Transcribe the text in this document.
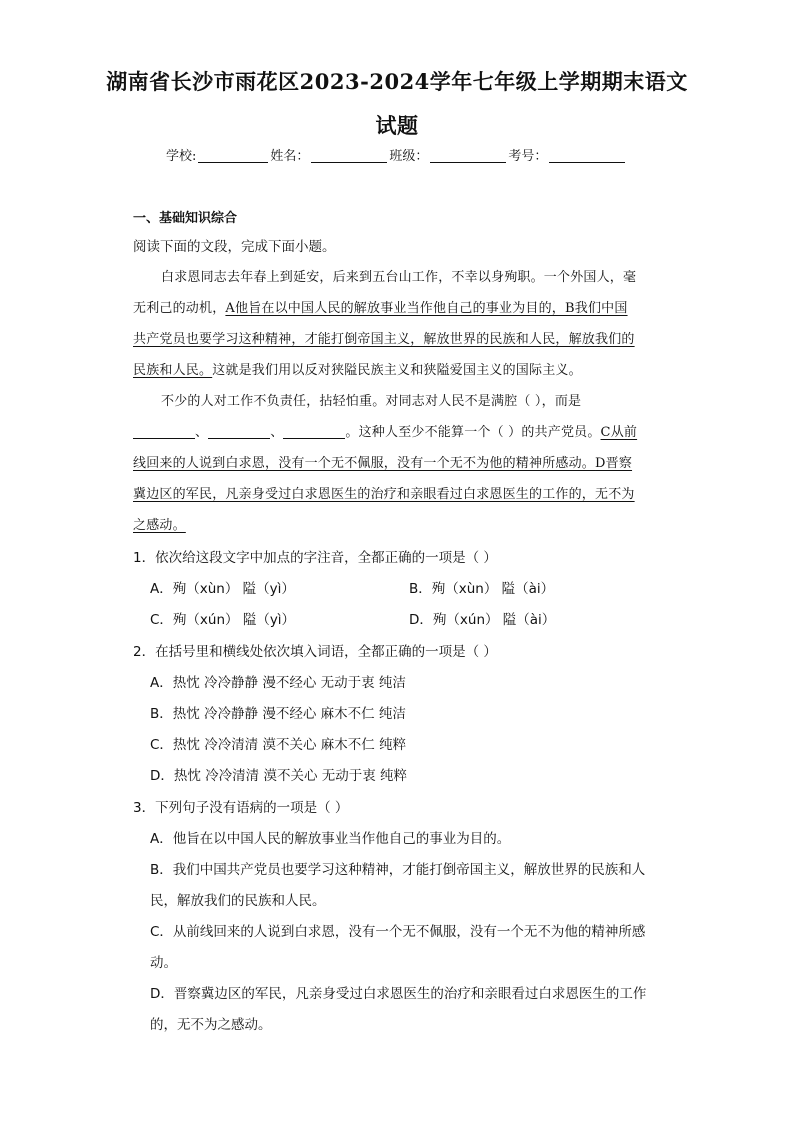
湖南省长沙市雨花区2023-2024学年七年级上学期期末语文
试题
学校:	姓名：	班级：	考号：
一、基础知识综合
阅读下面的文段，完成下面小题。
白求恩同志去年春上到延安，后来到五台山工作，不幸以身殉职。一个外国人，毫
无利己的动机，A他旨在以中国人民的解放事业当作他自己的事业为目的，B我们中国
共产党员也要学习这种精神，才能打倒帝国主义，解放世界的民族和人民，解放我们的
民族和人民。这就是我们用以反对狭隘民族主义和狭隘爱国主义的国际主义。
不少的人对工作不负责任，拈轻怕重。对同志对人民不是满腔（ ），而是
、	、	。这种人至少不能算一个（ ）的共产党员。C从前
线回来的人说到白求恩，没有一个无不佩服，没有一个无不为他的精神所感动。D晋察
冀边区的军民，凡亲身受过白求恩医生的治疗和亲眼看过白求恩医生的工作的，无不为
之感动。
1．依次给这段文字中加点的字注音，全都正确的一项是（ ）
A．殉（xùn） 隘（yì）	B．殉（xùn） 隘（ài）
C．殉（xún） 隘（yì）	D．殉（xún） 隘（ài）
2．在括号里和横线处依次填入词语，全都正确的一项是（ ）
A．热忱 冷冷静静 漫不经心 无动于衷 纯洁
B．热忱 冷冷静静 漫不经心 麻木不仁 纯洁
C．热忱 冷冷清清 漠不关心 麻木不仁 纯粹
D．热忱 冷冷清清 漠不关心 无动于衷 纯粹
3．下列句子没有语病的一项是（ ）
A．他旨在以中国人民的解放事业当作他自己的事业为目的。
B．我们中国共产党员也要学习这种精神，才能打倒帝国主义，解放世界的民族和人
民，解放我们的民族和人民。
C．从前线回来的人说到白求恩，没有一个无不佩服，没有一个无不为他的精神所感
动。
D．晋察冀边区的军民，凡亲身受过白求恩医生的治疗和亲眼看过白求恩医生的工作
的，无不为之感动。
